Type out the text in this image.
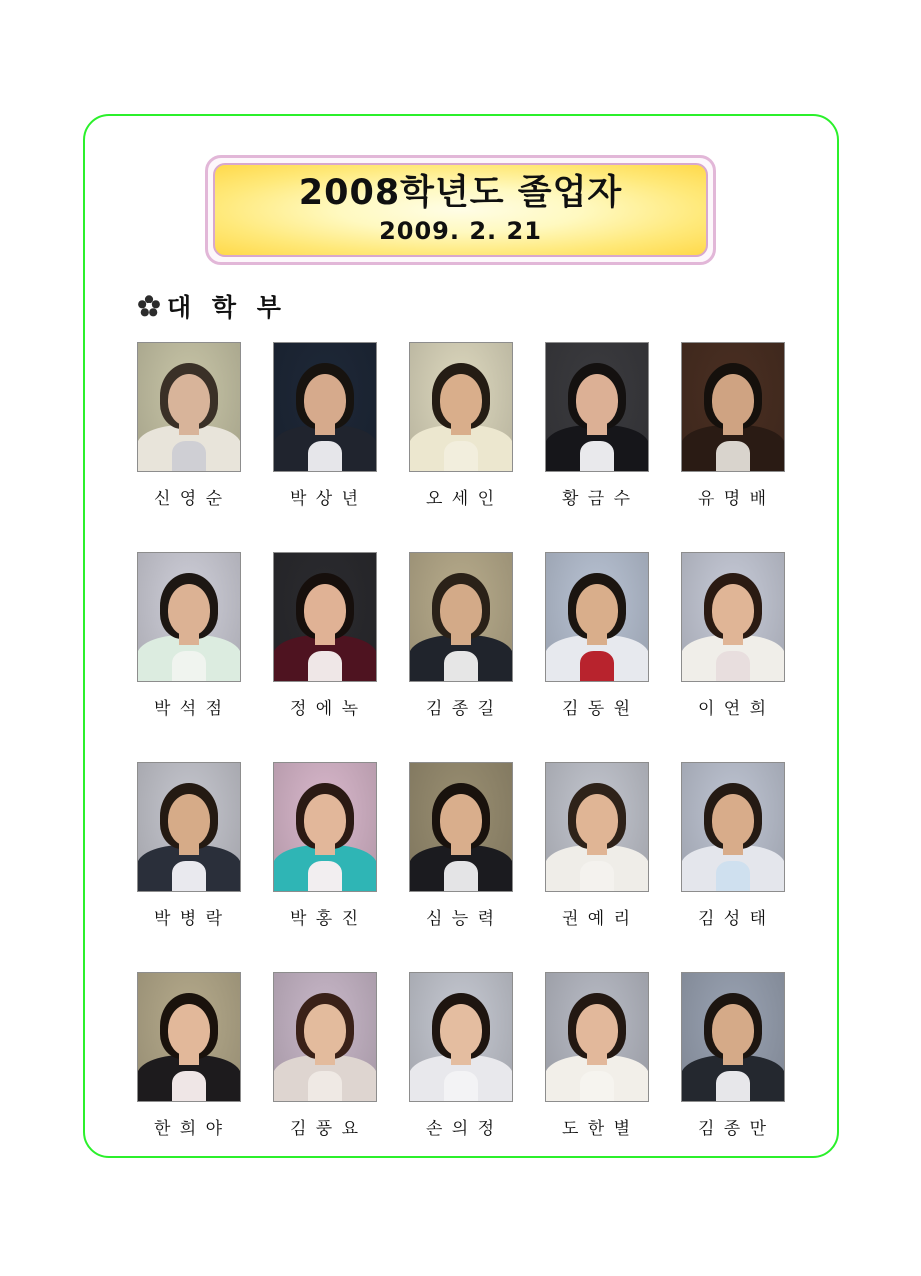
2008학년도 졸업자
2009. 2. 21
대 학 부
신 영 순	박 상 년	오 세 인	황 금 수	유 명 배
박 석 점	정 에 녹	김 종 길	김 동 원	이 연 희
박 병 락	박 홍 진	심 능 력	권 예 리	김 성 태
한 희 야	김 풍 요	손 의 정	도 한 별	김 종 만
